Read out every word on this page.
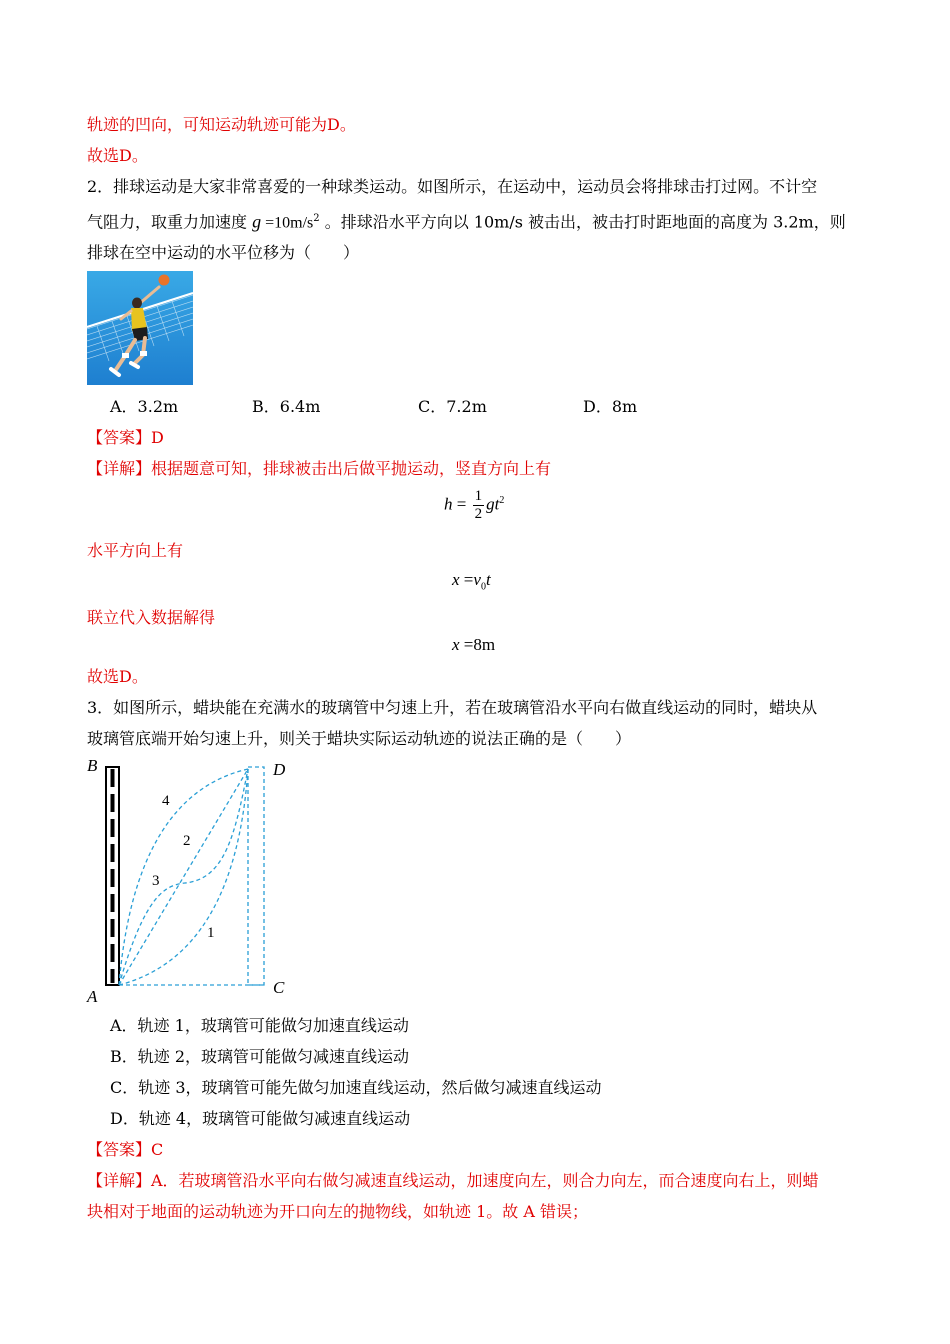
轨迹的凹向，可知运动轨迹可能为D。
故选D。
2．排球运动是大家非常喜爱的一种球类运动。如图所示，在运动中，运动员会将排球击打过网。不计空
气阻力，取重力加速度 $g =10m/s^2$ 。排球沿水平方向以 10m/s 被击出，被击打时距地面的高度为 3.2m，则
排球在空中运动的水平位移为（　　）
A．3.2m	B．6.4m	C．7.2m	D．8m
【答案】D
【详解】根据题意可知，排球被击出后做平抛运动，竖直方向上有
$h = \frac{1}{2} gt^2$
水平方向上有
$x =v_0t$
联立代入数据解得
x =8m
故选D。
3．如图所示，蜡块能在充满水的玻璃管中匀速上升，若在玻璃管沿水平向右做直线运动的同时，蜡块从
玻璃管底端开始匀速上升，则关于蜡块实际运动轨迹的说法正确的是（　　）
B
A
D
C
4
2
3
1
A．轨迹 1，玻璃管可能做匀加速直线运动
B．轨迹 2，玻璃管可能做匀减速直线运动
C．轨迹 3，玻璃管可能先做匀加速直线运动，然后做匀减速直线运动
D．轨迹 4，玻璃管可能做匀减速直线运动
【答案】C
【详解】A．若玻璃管沿水平向右做匀减速直线运动，加速度向左，则合力向左，而合速度向右上，则蜡
块相对于地面的运动轨迹为开口向左的抛物线，如轨迹 1。故 A 错误；
